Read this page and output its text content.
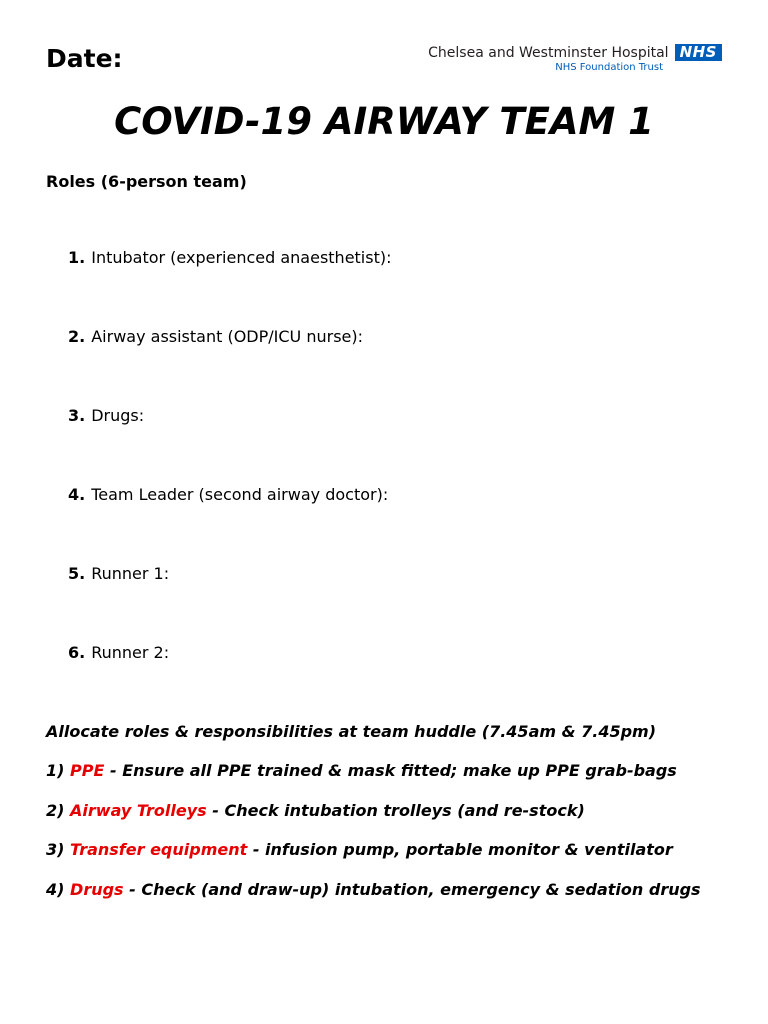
Date:	Chelsea and Westminster Hospital NHS
NHS Foundation Trust
COVID-19 AIRWAY TEAM 1
Roles (6-person team)
1. Intubator (experienced anaesthetist):
2. Airway assistant (ODP/ICU nurse):
3. Drugs:
4. Team Leader (second airway doctor):
5. Runner 1:
6. Runner 2:

Allocate roles & responsibilities at team huddle (7.45am & 7.45pm)

1) PPE - Ensure all PPE trained & mask fitted; make up PPE grab-bags
2) Airway Trolleys - Check intubation trolleys (and re-stock)
3) Transfer equipment - infusion pump, portable monitor & ventilator
4) Drugs - Check (and draw-up) intubation, emergency & sedation drugs
